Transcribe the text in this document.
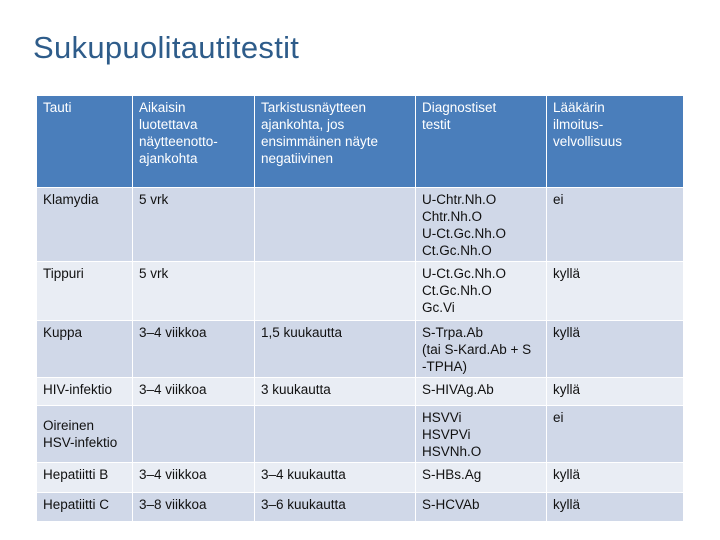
Sukupuolitautitestit
Tauti	Aikaisin
luotettava
näytteenotto-
ajankohta	Tarkistusnäytteen
ajankohta, jos
ensimmäinen näyte
negatiivinen	Diagnostiset
testit	Lääkärin
ilmoitus-
velvollisuus
Klamydia	5 vrk		U-Chtr.Nh.O
Chtr.Nh.O
U-Ct.Gc.Nh.O
Ct.Gc.Nh.O	ei
Tippuri	5 vrk		U-Ct.Gc.Nh.O
Ct.Gc.Nh.O
Gc.Vi	kyllä
Kuppa	3–4 viikkoa	1,5 kuukautta	S-Trpa.Ab
(tai S-Kard.Ab + S
-TPHA)	kyllä
HIV-infektio	3–4 viikkoa	3 kuukautta	S-HIVAg.Ab	kyllä
Oireinen
HSV-infektio			HSVVi
HSVPVi
HSVNh.O	ei
Hepatiitti B	3–4 viikkoa	3–4 kuukautta	S-HBs.Ag	kyllä
Hepatiitti C	3–8 viikkoa	3–6 kuukautta	S-HCVAb	kyllä
